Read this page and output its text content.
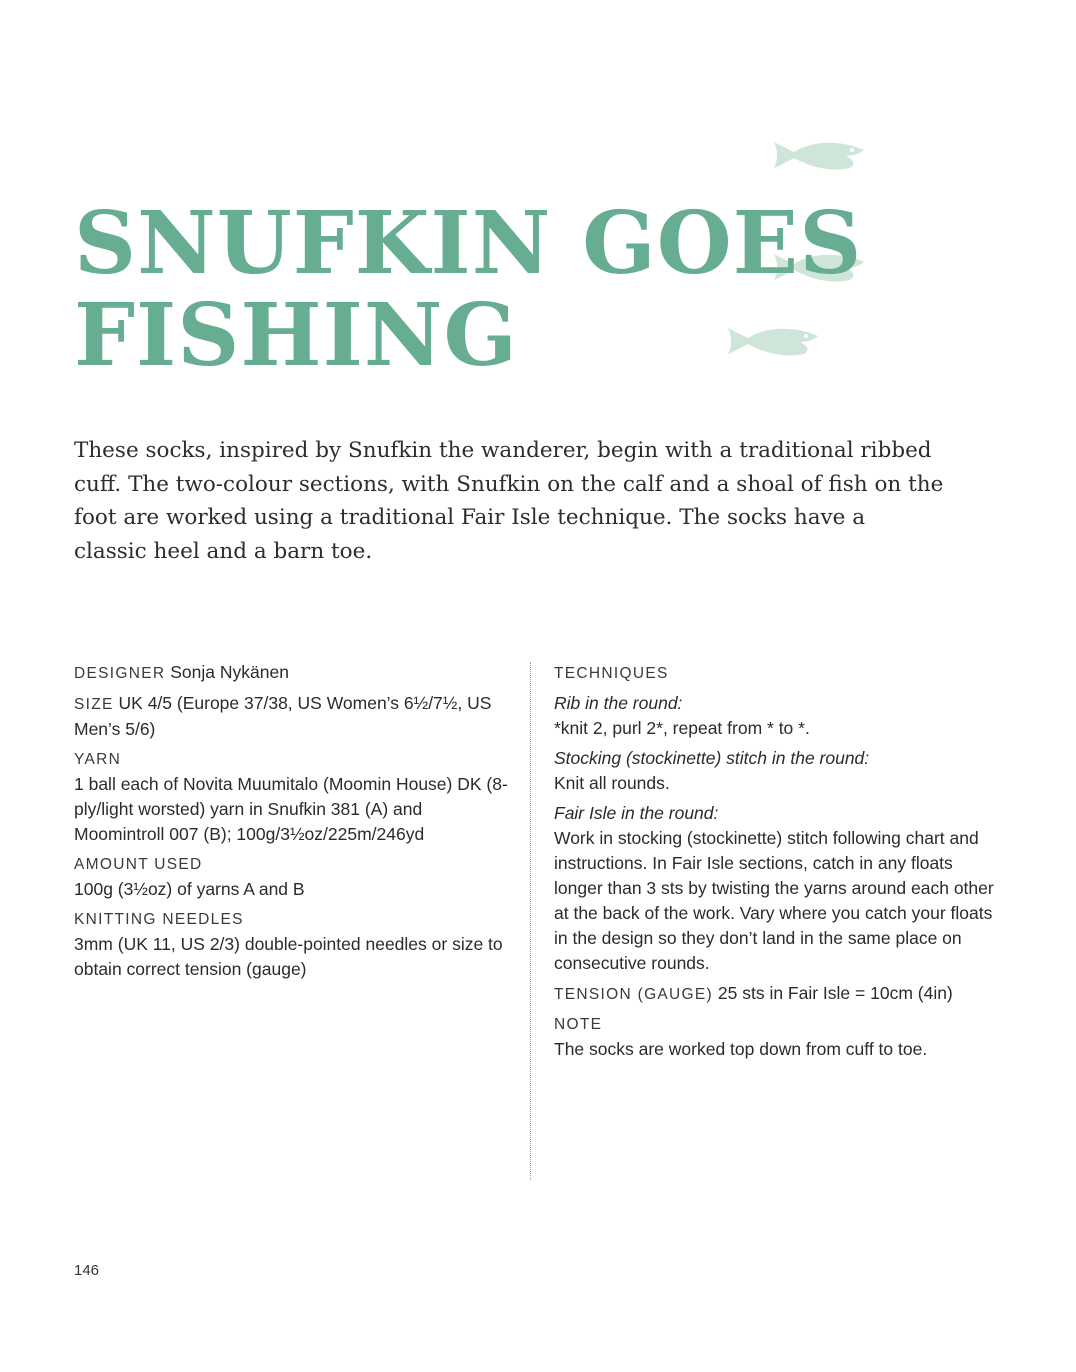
SNUFKIN GOES
FISHING

These socks, inspired by Snufkin the wanderer, begin with a traditional ribbed cuff. The two-colour sections, with Snufkin on the calf and a shoal of fish on the foot are worked using a traditional Fair Isle technique. The socks have a classic heel and a barn toe.

DESIGNER Sonja Nykänen

SIZE UK 4/5 (Europe 37/38, US Women’s 6½/7½, US Men’s 5/6)

YARN
1 ball each of Novita Muumitalo (Moomin House) DK (8-ply/light worsted) yarn in Snufkin 381 (A) and Moomintroll 007 (B); 100g/3½oz/225m/246yd

AMOUNT USED
100g (3½oz) of yarns A and B

KNITTING NEEDLES
3mm (UK 11, US 2/3) double-pointed needles or size to obtain correct tension (gauge)

TECHNIQUES

Rib in the round:
*knit 2, purl 2*, repeat from * to *.

Stocking (stockinette) stitch in the round:
Knit all rounds.

Fair Isle in the round:
Work in stocking (stockinette) stitch following chart and instructions. In Fair Isle sections, catch in any floats longer than 3 sts by twisting the yarns around each other at the back of the work. Vary where you catch your floats in the design so they don’t land in the same place on consecutive rounds.

TENSION (GAUGE) 25 sts in Fair Isle = 10cm (4in)

NOTE
The socks are worked top down from cuff to toe.

146
